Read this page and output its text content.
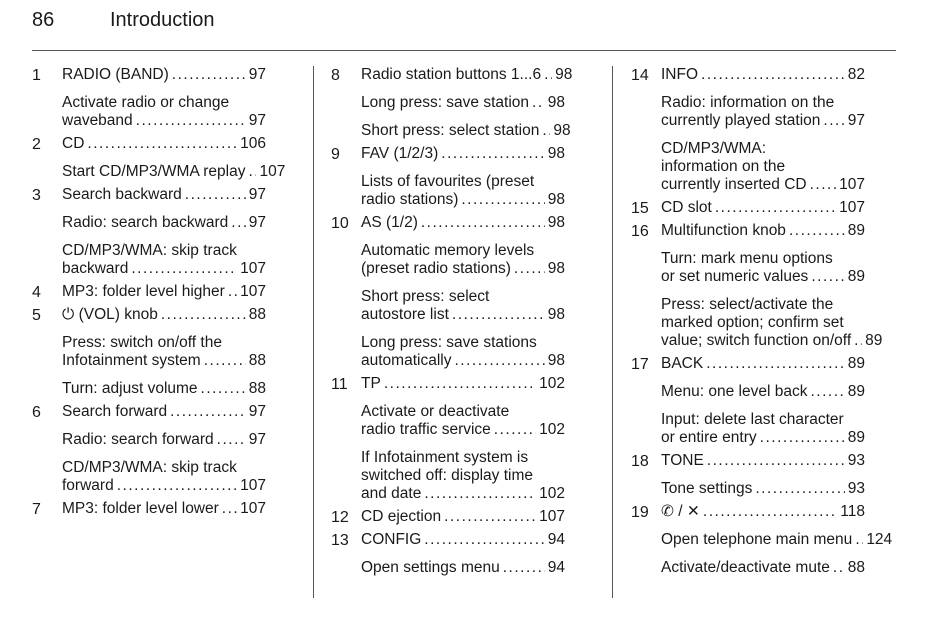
86	Introduction
1 RADIO (BAND) . . .	97
Activate radio or change
waveband . . .	97
2 CD . . .	106
Start CD/MP3/WMA replay . . . 107
3 Search backward . . .	97
Radio: search backward . . . 97
CD/MP3/WMA: skip track
backward . . .	107
4 MP3: folder level higher . . . 107
5 ⏻ (VOL) knob . . .	88
Press: switch on/off the
Infotainment system . . .	88
Turn: adjust volume . . .	88
6 Search forward . . .	97
Radio: search forward . . . 97
CD/MP3/WMA: skip track
forward . . .	107
7 MP3: folder level lower . . . 107
8 Radio station buttons 1...6 . . . 98
Long press: save station . . . 98
Short press: select station . . . 98
9 FAV (1/2/3) . . .	98
Lists of favourites (preset
radio stations) . . .	98
10 AS (1/2) . . .	98
Automatic memory levels
(preset radio stations) . . . 98
Short press: select
autostore list . . .	98
Long press: save stations
automatically . . .	98
11 TP . . .	102
Activate or deactivate
radio traffic service . . .	102
If Infotainment system is
switched off: display time
and date . . .	102
12 CD ejection . . .	107
13 CONFIG . . .	94
Open settings menu . . .	94
14 INFO . . .	82
Radio: information on the
currently played station . . . 97
CD/MP3/WMA:
information on the
currently inserted CD . . . 107
15 CD slot . . .	107
16 Multifunction knob . . .	89
Turn: mark menu options
or set numeric values . . .	89
Press: select/activate the
marked option; confirm set
value; switch function on/off . . . 89
17 BACK . . .	89
Menu: one level back . . .	89
Input: delete last character
or entire entry . . .	89
18 TONE . . .	93
Tone settings . . .	93
19 ✆ / ✕ . . .	118
Open telephone main menu . . . 124
Activate/deactivate mute . . . 88
